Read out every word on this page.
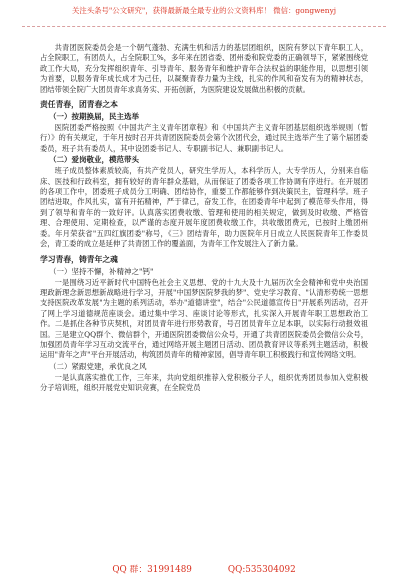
关注头条号"公文研究"，获得最新最全最专业的公文资料库！ 微信：gongwenyj

共青团医院委员会是一个朝气蓬勃、充满生机和活力的基层团组织，医院有梦以下青年职工人，占全院职工，有团员人，占全院职工%，多年来在团省委、团州委和院党委的正确领导下，紧紧围绕党政工作大局，充分发挥组织青年、引导青年、服务青年和维护青年合法权益的职能作用，以思想引领为首要，以服务青年成长成才为己任，以凝聚青春力量为主线，扎实的作风和奋发有为的精神状态，团结带领全院广大团员青年求真务实、开拓创新，为医院建设发展做出积极的贡献。

责任青春，团青春之本
（一）按期换届，民主选举

医院团委严格按照《中国共产主义青年团章程》和《中国共产主义青年团基层组织选举规则（暂行）》的有关规定，于年月按时召开共青团医院委员会第个次团代会，通过民主选举产生了第个届团委委员，班子共有委员人，其中设团委书记人、专职副书记人、兼职副书记人。

（二）爱岗敬业，模范带头

班子成员整体素质较高，有共产党员人，研究生学历人，本科学历人，大专学历人，分别来自临床、医技和行政科室，拥有较好的青年群众基础，从而保证了团委各项工作协调有序进行。在开展团的各项工作中，团委班子成员分工明确、团结协作，重要工作都能够作到决策民主，管理科学。班子团结进取，作风扎实，富有开拓精神，严于律己，奋发工作，在团委青年中起到了模范带头作用，得到了领导和青年的一致好评。认真落实团费收缴、管理和使用的相关规定，做到及时收缴、严格管理、合理使用、定期检查，以严谨的态度开展年度团费收缴工作，共收缴团费元，已按时上缴团州委。年月荣获省"五四红旗团委"称号，《三》团结青年，助力医院年月日成立人民医院青年工作委员会，青工委的成立是延伸了共青团工作的覆盖面，为青年工作发展注入了新力量。

学习青春，铸青年之魂
（一）坚持不懈，补精神之"钙"

一是围绕习近平新时代中国特色社会主义思想、党的十九大及十九届历次全会精神和党中央治国理政新理念新思想新战略进行学习，开展"中国梦医院梦我的梦"、党史学习教育、"认清形势统一思想支持医院改革发展"为主题的系列活动，举办"道德讲堂"，结合"公民道德宣传日"开展系列活动，召开了网上学习道德规范座谈会。通过集中学习、座谈讨论等形式，扎实深入开展青年职工思想政治工作。二是抓住各种节庆契机，对团员青年进行形势教育，号召团员青年立足本职，以实际行动报效祖国。三是建立QQ群个、微信群个，开通医院团委微信公众号，开通了共青团医院委员会微信公众号，加强团员青年学习互动交流平台，通过网络开展主题团日活动、团员教育评议等系列主题活动，积极运用"青年之声"平台开展活动，构筑团员青年的精神家园，倡导青年职工积极践行和宣传网络文明。

（二）紧跟党建，承优良之风

一是认真落实推优工作，三年来，共向党组织推荐入党积极分子人，组织优秀团员参加入党积极分子培训班，组织开展党史知识竞赛，在全院党员

QQ 群：31991489	QQ:535304092
